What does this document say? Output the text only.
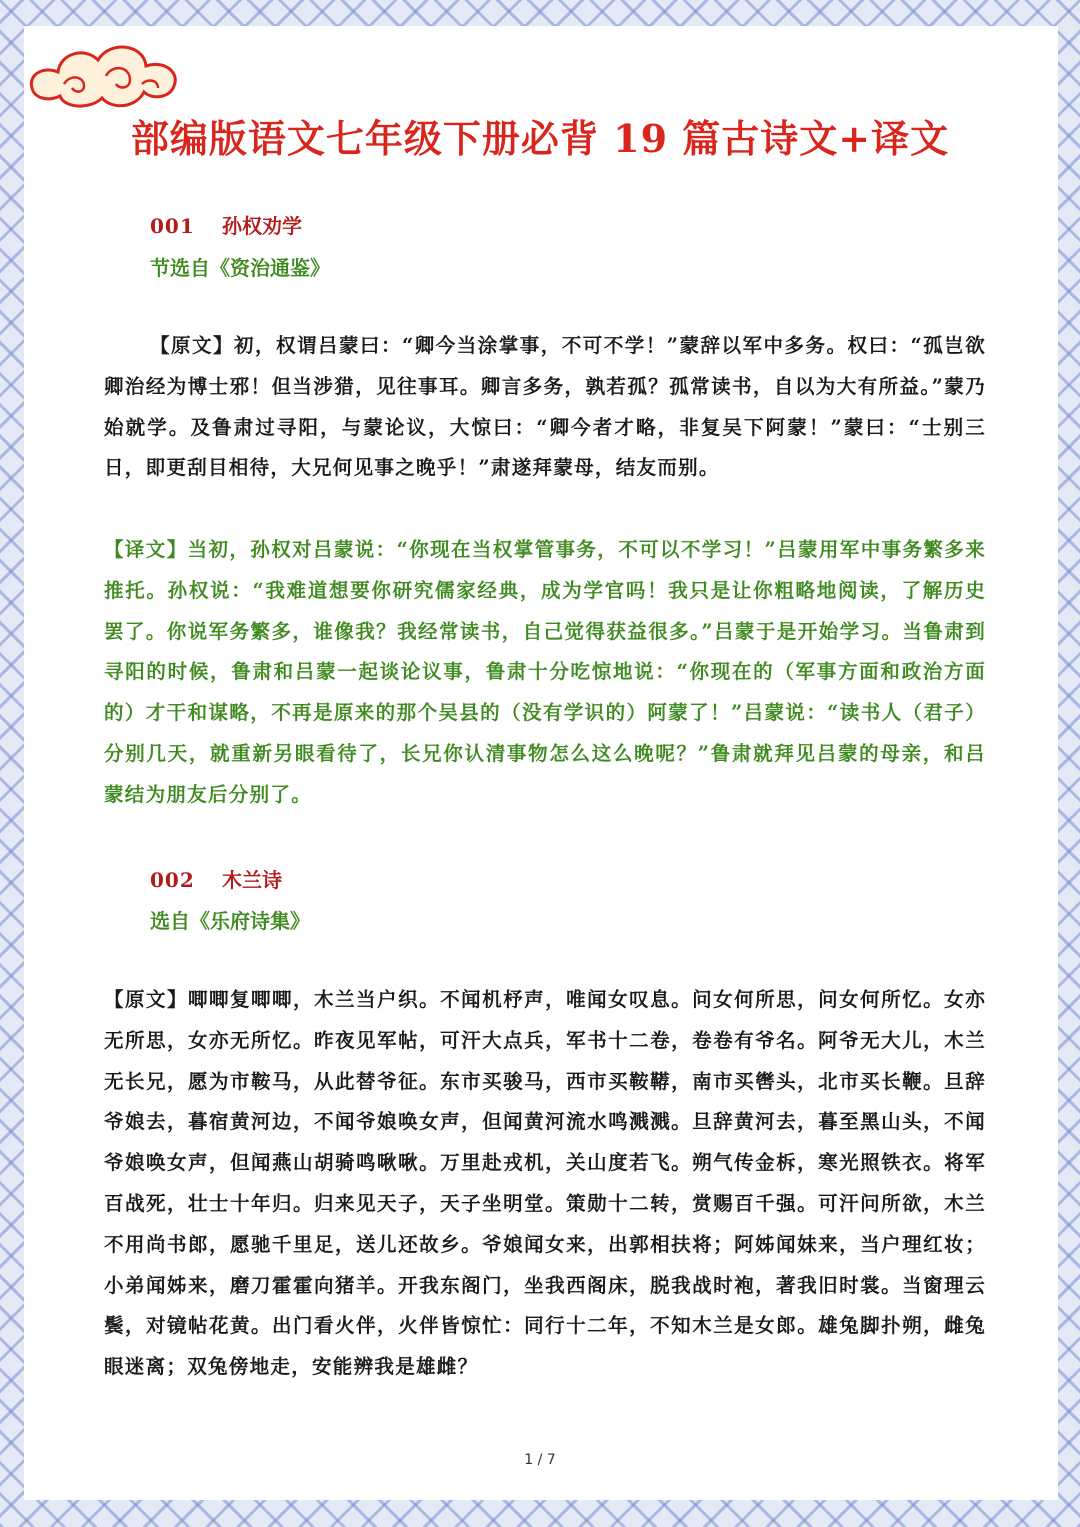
部编版语文七年级下册必背 19 篇古诗文+译文
001 孙权劝学
节选自《资治通鉴》

【原文】初，权谓吕蒙曰：“卿今当涂掌事，不可不学！”蒙辞以军中多务。权曰：“孤岂欲卿治经为博士邪！但当涉猎，见往事耳。卿言多务，孰若孤？孤常读书，自以为大有所益。”蒙乃始就学。及鲁肃过寻阳，与蒙论议，大惊曰：“卿今者才略，非复吴下阿蒙！”蒙曰：“士别三日，即更刮目相待，大兄何见事之晚乎！”肃遂拜蒙母，结友而别。

【译文】当初，孙权对吕蒙说：“你现在当权掌管事务，不可以不学习！”吕蒙用军中事务繁多来推托。孙权说：“我难道想要你研究儒家经典，成为学官吗！我只是让你粗略地阅读，了解历史罢了。你说军务繁多，谁像我？我经常读书，自己觉得获益很多。”吕蒙于是开始学习。当鲁肃到寻阳的时候，鲁肃和吕蒙一起谈论议事，鲁肃十分吃惊地说：“你现在的（军事方面和政治方面的）才干和谋略，不再是原来的那个吴县的（没有学识的）阿蒙了！”吕蒙说：“读书人（君子）分别几天，就重新另眼看待了，长兄你认清事物怎么这么晚呢？”鲁肃就拜见吕蒙的母亲，和吕蒙结为朋友后分别了。

002 木兰诗
选自《乐府诗集》

【原文】唧唧复唧唧，木兰当户织。不闻机杼声，唯闻女叹息。问女何所思，问女何所忆。女亦无所思，女亦无所忆。昨夜见军帖，可汗大点兵，军书十二卷，卷卷有爷名。阿爷无大儿，木兰无长兄，愿为市鞍马，从此替爷征。东市买骏马，西市买鞍鞯，南市买辔头，北市买长鞭。旦辞爷娘去，暮宿黄河边，不闻爷娘唤女声，但闻黄河流水鸣溅溅。旦辞黄河去，暮至黑山头，不闻爷娘唤女声，但闻燕山胡骑鸣啾啾。万里赴戎机，关山度若飞。朔气传金柝，寒光照铁衣。将军百战死，壮士十年归。归来见天子，天子坐明堂。策勋十二转，赏赐百千强。可汗问所欲，木兰不用尚书郎，愿驰千里足，送儿还故乡。爷娘闻女来，出郭相扶将；阿姊闻妹来，当户理红妆；小弟闻姊来，磨刀霍霍向猪羊。开我东阁门，坐我西阁床，脱我战时袍，著我旧时裳。当窗理云鬓，对镜帖花黄。出门看火伴，火伴皆惊忙：同行十二年，不知木兰是女郎。雄兔脚扑朔，雌兔眼迷离；双兔傍地走，安能辨我是雄雌？

1 / 7
